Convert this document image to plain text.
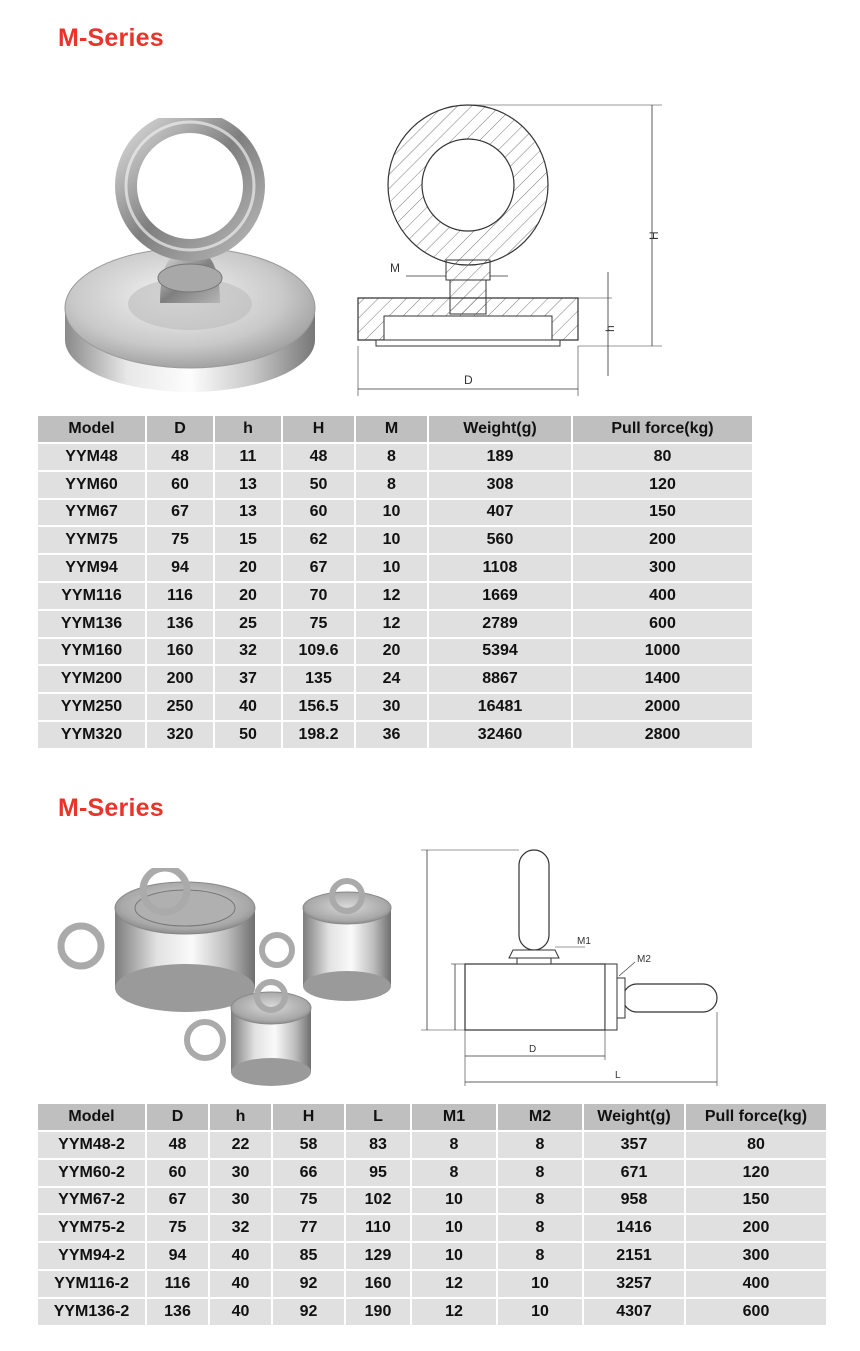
M-Series
M
H
h
D
Model	D	h	H	M	Weight(g)	Pull force(kg)
YYM48	48	11	48	8	189	80
YYM60	60	13	50	8	308	120
YYM67	67	13	60	10	407	150
YYM75	75	15	62	10	560	200
YYM94	94	20	67	10	1108	300
YYM116	116	20	70	12	1669	400
YYM136	136	25	75	12	2789	600
YYM160	160	32	109.6	20	5394	1000
YYM200	200	37	135	24	8867	1400
YYM250	250	40	156.5	30	16481	2000
YYM320	320	50	198.2	36	32460	2800
M-Series
M1
M2
D
L
Model	D	h	H	L	M1	M2	Weight(g)	Pull force(kg)
YYM48-2	48	22	58	83	8	8	357	80
YYM60-2	60	30	66	95	8	8	671	120
YYM67-2	67	30	75	102	10	8	958	150
YYM75-2	75	32	77	110	10	8	1416	200
YYM94-2	94	40	85	129	10	8	2151	300
YYM116-2	116	40	92	160	12	10	3257	400
YYM136-2	136	40	92	190	12	10	4307	600
